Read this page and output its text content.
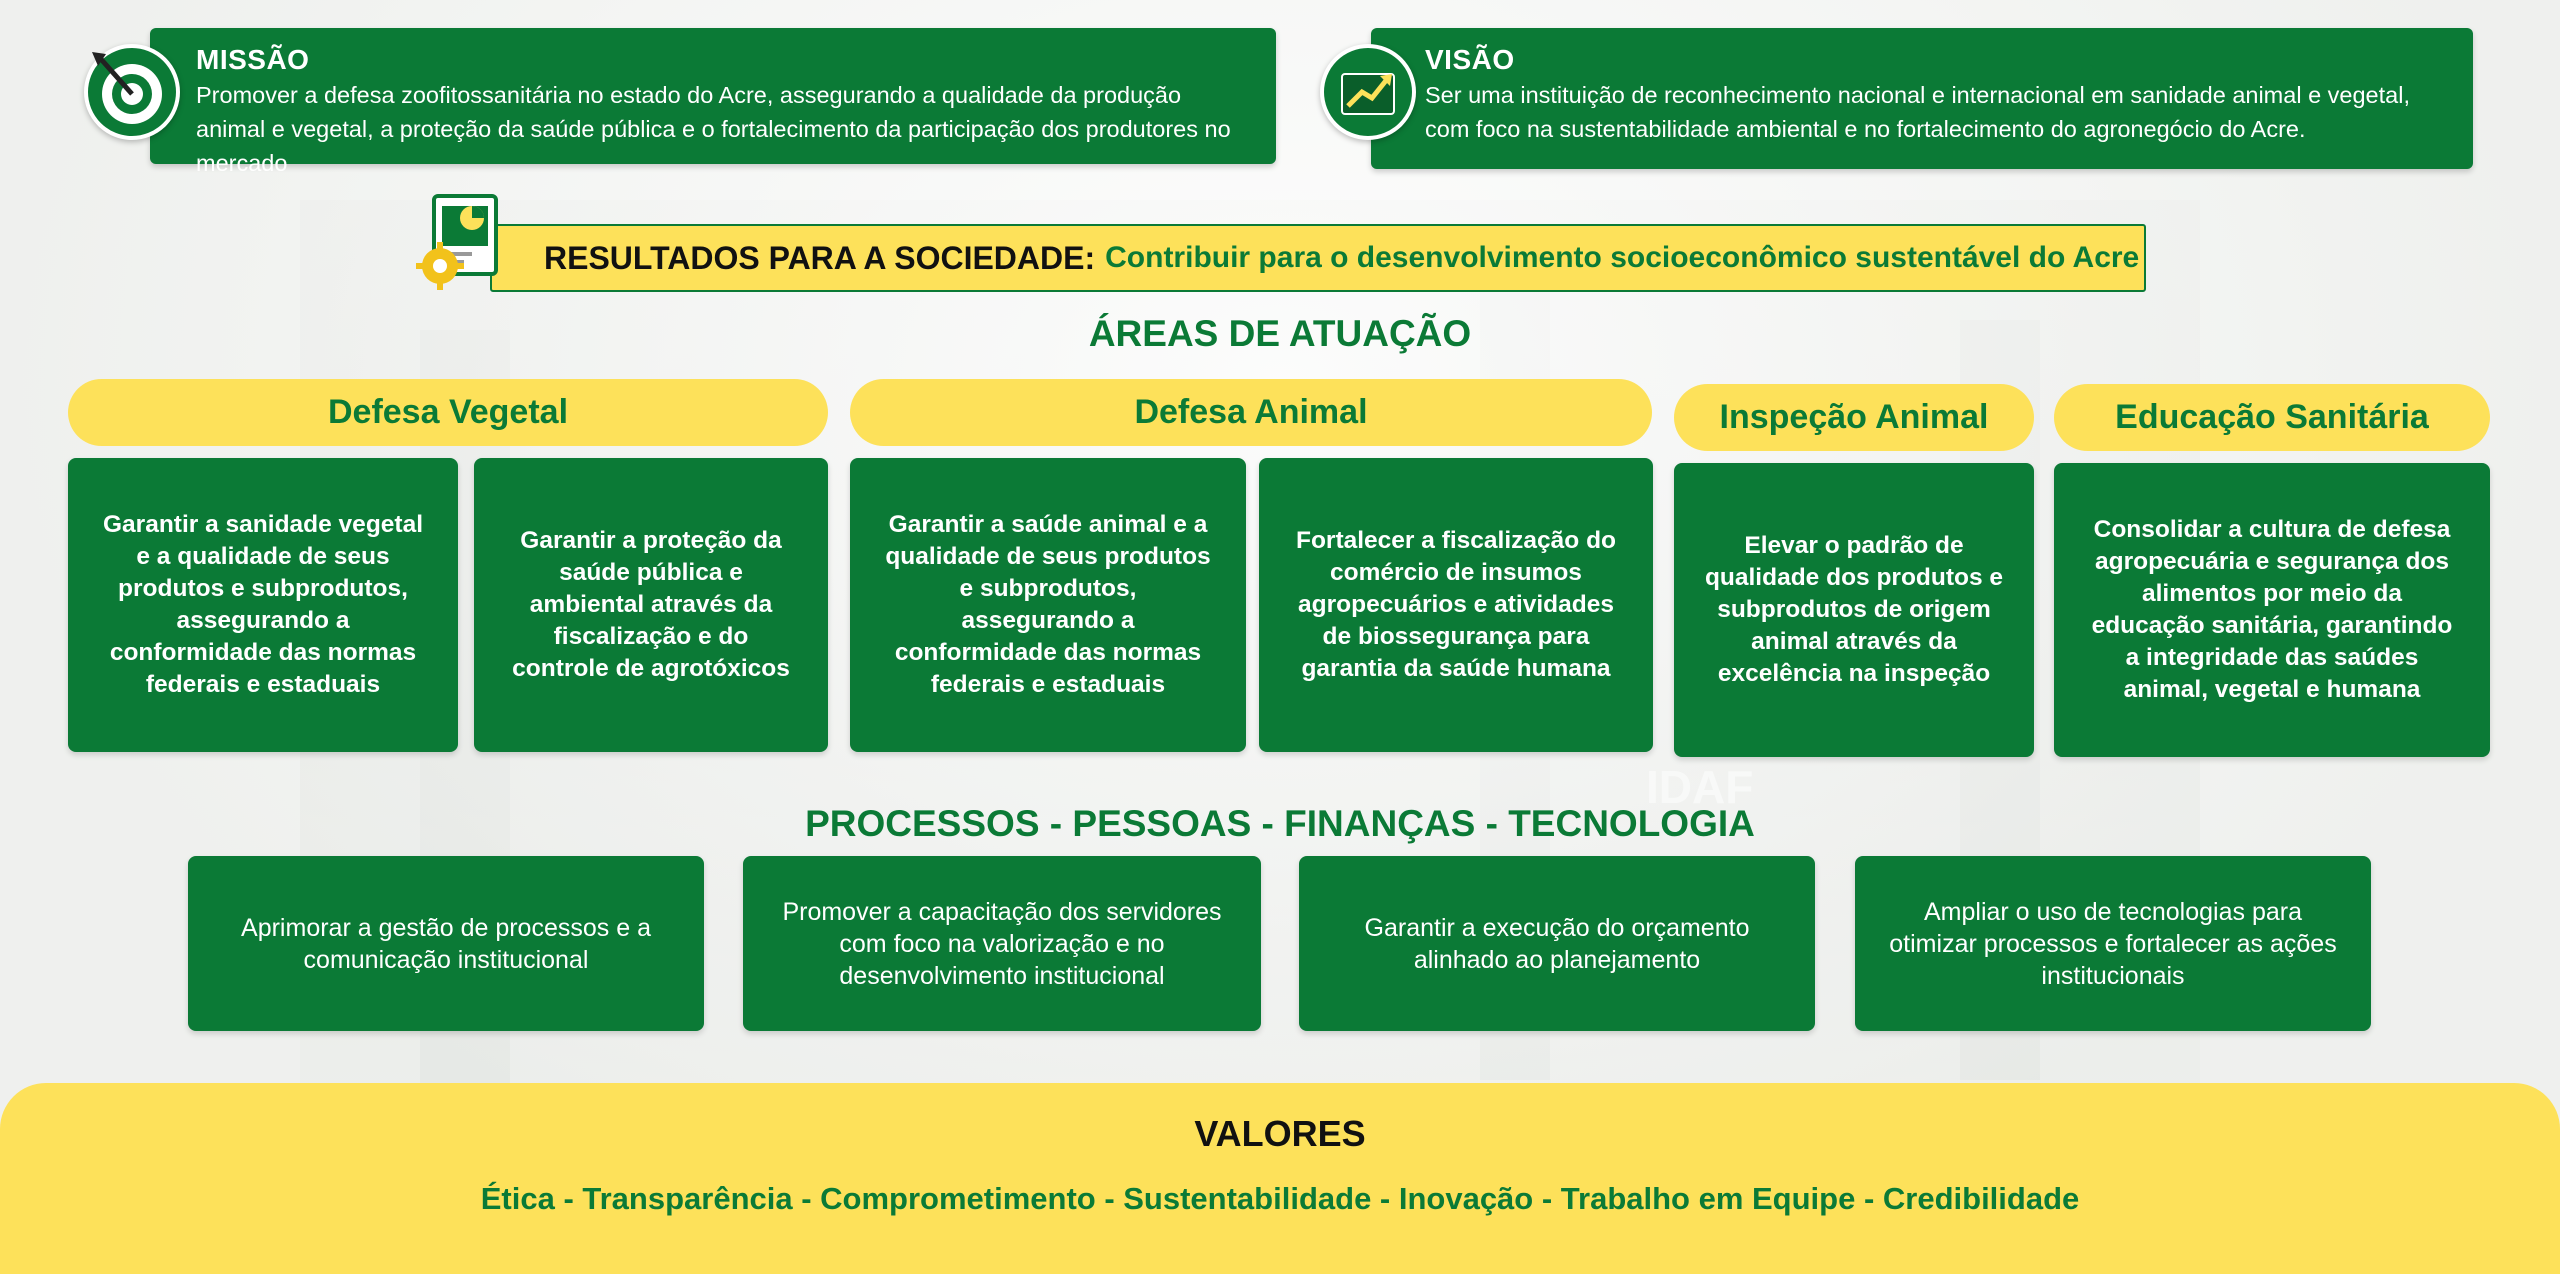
IDAF
MISSÃO
Promover a defesa zoofitossanitária no estado do Acre, assegurando a qualidade da produção animal e vegetal, a proteção da saúde pública e o fortalecimento da participação dos produtores no mercado
VISÃO
Ser uma instituição de reconhecimento nacional e internacional em sanidade animal e vegetal, com foco na sustentabilidade ambiental e no fortalecimento do agronegócio do Acre.
RESULTADOS PARA A SOCIEDADE: Contribuir para o desenvolvimento socioeconômico sustentável do Acre
ÁREAS DE ATUAÇÃO
Defesa Vegetal	Defesa Animal	Inspeção Animal	Educação Sanitária
Garantir a sanidade vegetal e a qualidade de seus produtos e subprodutos, assegurando a conformidade das normas federais e estaduais
Garantir a proteção da saúde pública e ambiental através da fiscalização e do controle de agrotóxicos
Garantir a saúde animal e a qualidade de seus produtos e subprodutos, assegurando a conformidade das normas federais e estaduais
Fortalecer a fiscalização do comércio de insumos agropecuários e atividades de biossegurança para garantia da saúde humana
Elevar o padrão de qualidade dos produtos e subprodutos de origem animal através da excelência na inspeção
Consolidar a cultura de defesa agropecuária e segurança dos alimentos por meio da educação sanitária, garantindo a integridade das saúdes animal, vegetal e humana
PROCESSOS - PESSOAS - FINANÇAS - TECNOLOGIA
Aprimorar a gestão de processos e a comunicação institucional
Promover a capacitação dos servidores com foco na valorização e no desenvolvimento institucional
Garantir a execução do orçamento alinhado ao planejamento
Ampliar o uso de tecnologias para otimizar processos e fortalecer as ações institucionais
VALORES
Ética - Transparência - Comprometimento - Sustentabilidade - Inovação - Trabalho em Equipe - Credibilidade
